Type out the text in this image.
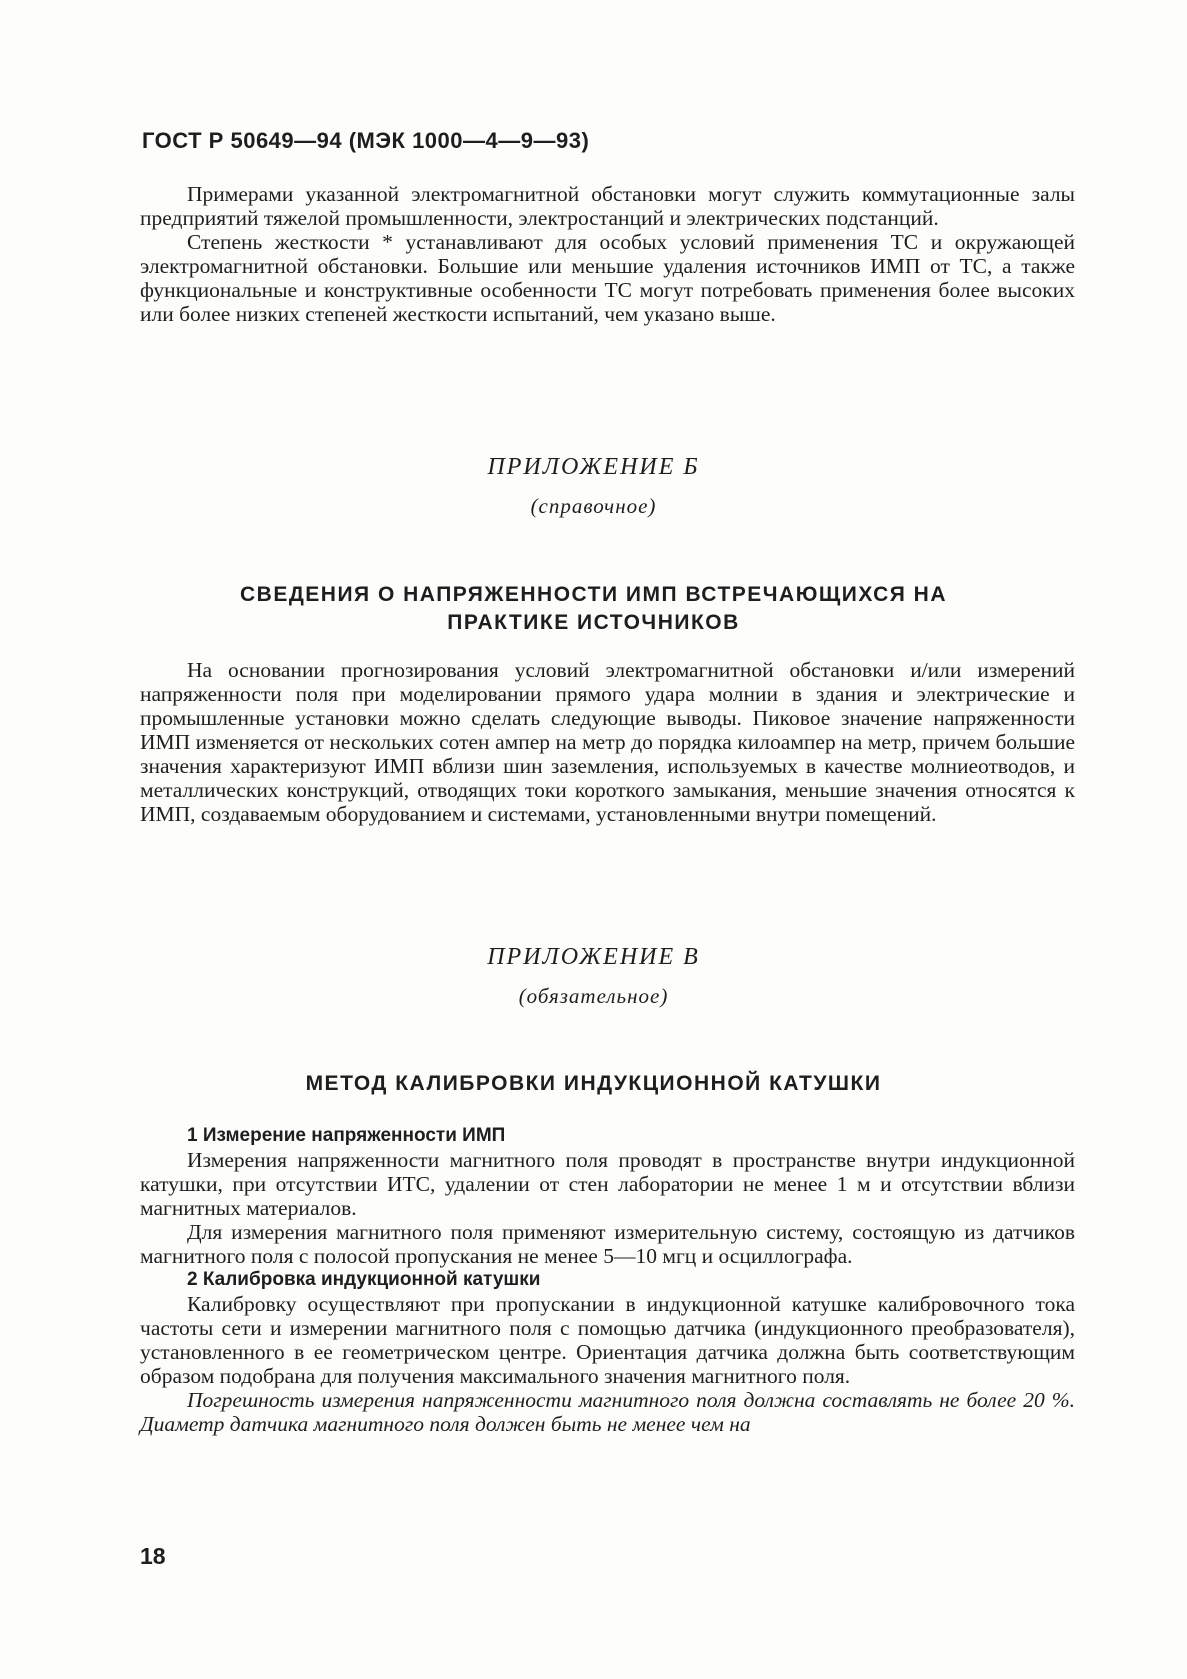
ГОСТ Р 50649—94 (МЭК 1000—4—9—93)

Примерами указанной электромагнитной обстановки могут служить коммутационные залы предприятий тяжелой промышленности, электростанций и электрических подстанций.

Степень жесткости * устанавливают для особых условий применения ТС и окружающей электромагнитной обстановки. Большие или меньшие удаления источников ИМП от ТС, а также функциональные и конструктивные особенности ТС могут потребовать применения более высоких или более низких степеней жесткости испытаний, чем указано выше.

ПРИЛОЖЕНИЕ Б
(справочное)
СВЕДЕНИЯ О НАПРЯЖЕННОСТИ ИМП ВСТРЕЧАЮЩИХСЯ НА
ПРАКТИКЕ ИСТОЧНИКОВ

На основании прогнозирования условий электромагнитной обстановки и/или измерений напряженности поля при моделировании прямого удара молнии в здания и электрические и промышленные установки можно сделать следующие выводы. Пиковое значение напряженности ИМП изменяется от нескольких сотен ампер на метр до порядка килоампер на метр, причем большие значения характеризуют ИМП вблизи шин заземления, используемых в качестве молниеотводов, и металлических конструкций, отводящих токи короткого замыкания, меньшие значения относятся к ИМП, создаваемым оборудованием и системами, установленными внутри помещений.

ПРИЛОЖЕНИЕ В
(обязательное)
МЕТОД КАЛИБРОВКИ ИНДУКЦИОННОЙ КАТУШКИ
1 Измерение напряженности ИМП

Измерения напряженности магнитного поля проводят в пространстве внутри индукционной катушки, при отсутствии ИТС, удалении от стен лаборатории не менее 1 м и отсутствии вблизи магнитных материалов.

Для измерения магнитного поля применяют измерительную систему, состоящую из датчиков магнитного поля с полосой пропускания не менее 5—10 мгц и осциллографа.

2 Калибровка индукционной катушки

Калибровку осуществляют при пропускании в индукционной катушке калибровочного тока частоты сети и измерении магнитного поля с помощью датчика (индукционного преобразователя), установленного в ее геометрическом центре. Ориентация датчика должна быть соответствующим образом подобрана для получения максимального значения магнитного поля.

Погрешность измерения напряженности магнитного поля должна составлять не более 20 %. Диаметр датчика магнитного поля должен быть не менее чем на

18
